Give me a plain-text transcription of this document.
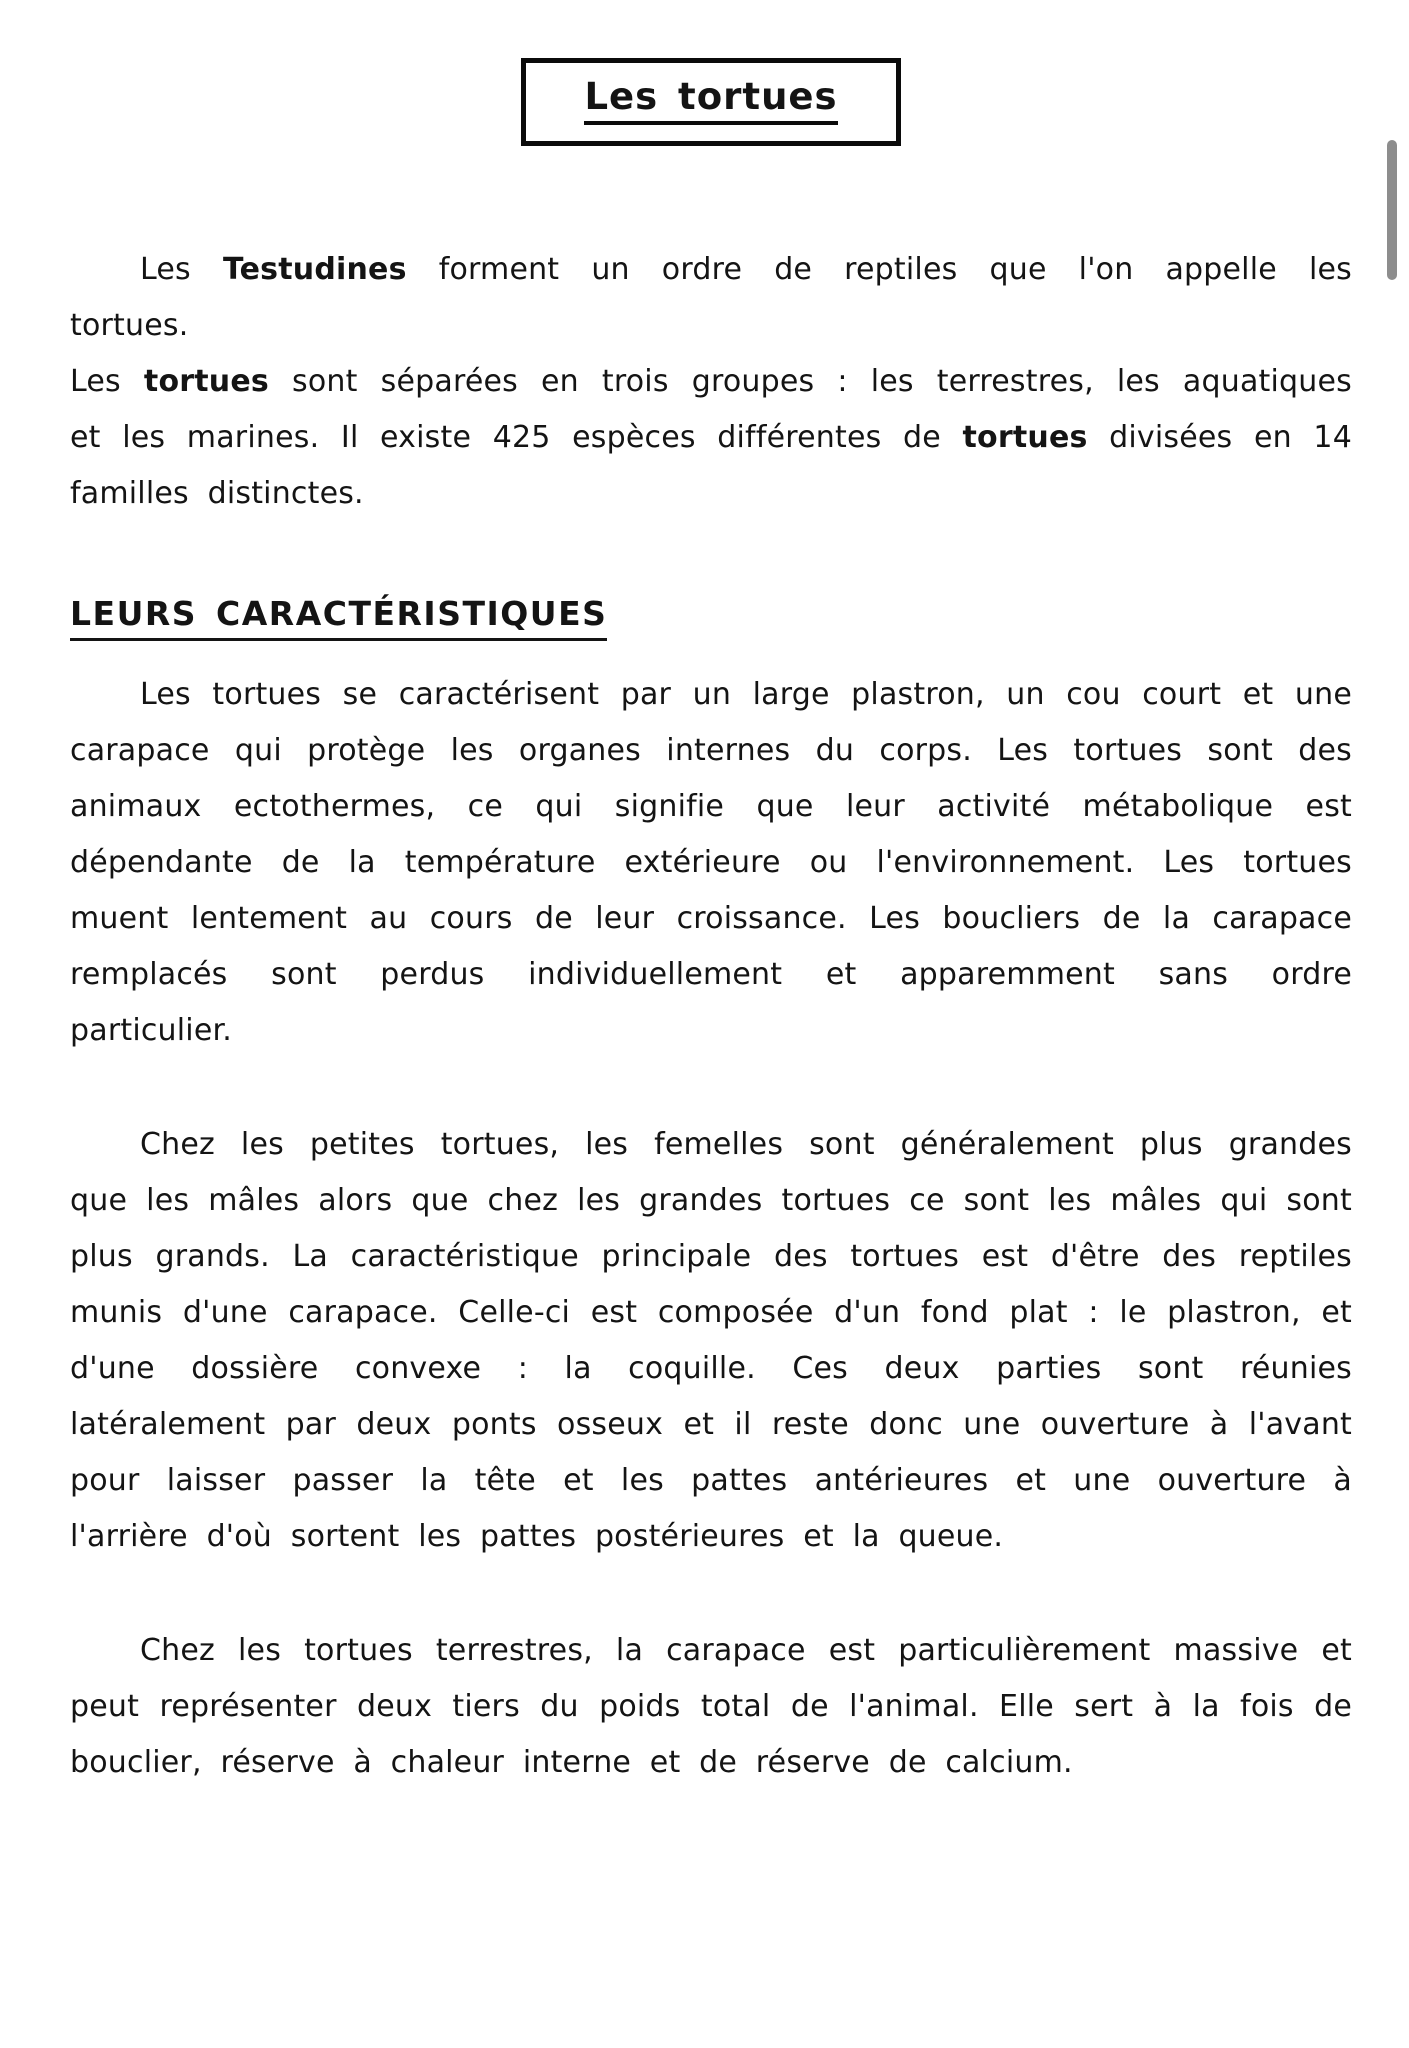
Les tortues

Les Testudines forment un ordre de reptiles que l'on appelle les tortues.

Les tortues sont séparées en trois groupes : les terrestres, les aquatiques et les marines. Il existe 425 espèces différentes de tortues divisées en 14 familles distinctes.

LEURS CARACTÉRISTIQUES

Les tortues se caractérisent par un large plastron, un cou court et une carapace qui protège les organes internes du corps. Les tortues sont des animaux ectothermes, ce qui signifie que leur activité métabolique est dépendante de la température extérieure ou l'environnement. Les tortues muent lentement au cours de leur croissance. Les boucliers de la carapace remplacés sont perdus individuellement et apparemment sans ordre particulier.

Chez les petites tortues, les femelles sont généralement plus grandes que les mâles alors que chez les grandes tortues ce sont les mâles qui sont plus grands. La caractéristique principale des tortues est d'être des reptiles munis d'une carapace. Celle-ci est composée d'un fond plat : le plastron, et d'une dossière convexe : la coquille. Ces deux parties sont réunies latéralement par deux ponts osseux et il reste donc une ouverture à l'avant pour laisser passer la tête et les pattes antérieures et une ouverture à l'arrière d'où sortent les pattes postérieures et la queue.

Chez les tortues terrestres, la carapace est particulièrement massive et peut représenter deux tiers du poids total de l'animal. Elle sert à la fois de bouclier, réserve à chaleur interne et de réserve de calcium.
